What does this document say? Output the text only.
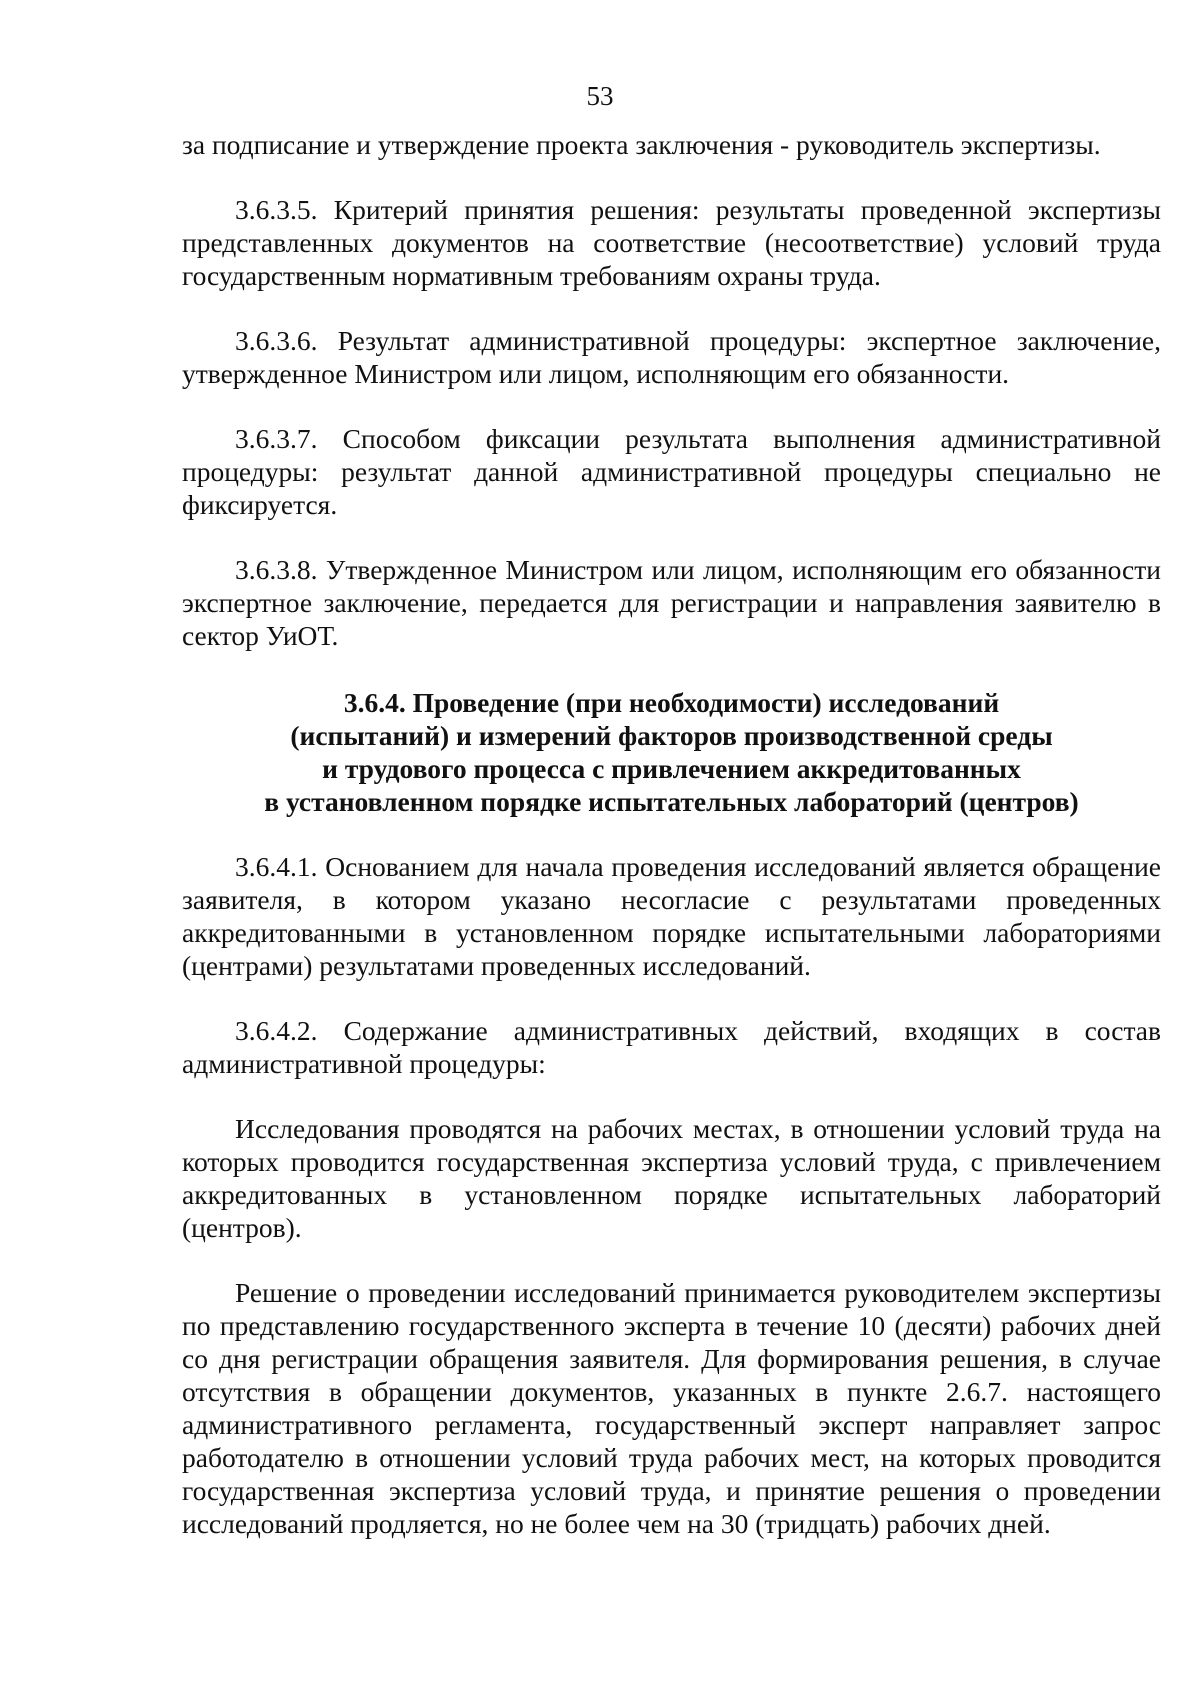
53

за подписание и утверждение проекта заключения - руководитель экспертизы.

3.6.3.5. Критерий принятия решения: результаты проведенной экспертизы представленных документов на соответствие (несоответствие) условий труда государственным нормативным требованиям охраны труда.

3.6.3.6. Результат административной процедуры: экспертное заключение, утвержденное Министром или лицом, исполняющим его обязанности.

3.6.3.7. Способом фиксации результата выполнения административной процедуры: результат данной административной процедуры специально не фиксируется.

3.6.3.8. Утвержденное Министром или лицом, исполняющим его обязанности экспертное заключение, передается для регистрации и направления заявителю в сектор УиОТ.

3.6.4. Проведение (при необходимости) исследований
(испытаний) и измерений факторов производственной среды
и трудового процесса с привлечением аккредитованных
в установленном порядке испытательных лабораторий (центров)

3.6.4.1. Основанием для начала проведения исследований является обращение заявителя, в котором указано несогласие с результатами проведенных аккредитованными в установленном порядке испытательными лабораториями (центрами) результатами проведенных исследований.

3.6.4.2. Содержание административных действий, входящих в состав административной процедуры:

Исследования проводятся на рабочих местах, в отношении условий труда на которых проводится государственная экспертиза условий труда, с привлечением аккредитованных в установленном порядке испытательных лабораторий (центров).

Решение о проведении исследований принимается руководителем экспертизы по представлению государственного эксперта в течение 10 (десяти) рабочих дней со дня регистрации обращения заявителя. Для формирования решения, в случае отсутствия в обращении документов, указанных в пункте 2.6.7. настоящего административного регламента, государственный эксперт направляет запрос работодателю в отношении условий труда рабочих мест, на которых проводится государственная экспертиза условий труда, и принятие решения о проведении исследований продляется, но не более чем на 30 (тридцать) рабочих дней.
